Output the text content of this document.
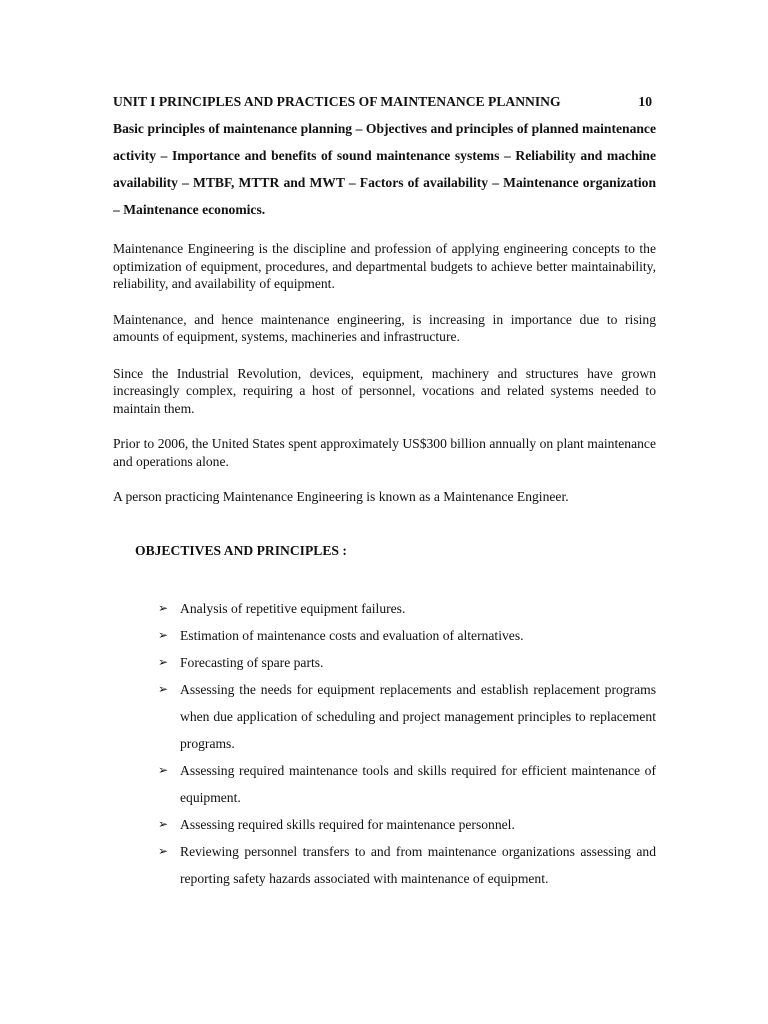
UNIT I PRINCIPLES AND PRACTICES OF MAINTENANCE PLANNING	10

Basic principles of maintenance planning – Objectives and principles of planned maintenance activity – Importance and benefits of sound maintenance systems – Reliability and machine availability – MTBF, MTTR and MWT – Factors of availability – Maintenance organization – Maintenance economics.

Maintenance Engineering is the discipline and profession of applying engineering concepts to the optimization of equipment, procedures, and departmental budgets to achieve better maintainability, reliability, and availability of equipment.

Maintenance, and hence maintenance engineering, is increasing in importance due to rising amounts of equipment, systems, machineries and infrastructure.

Since the Industrial Revolution, devices, equipment, machinery and structures have grown increasingly complex, requiring a host of personnel, vocations and related systems needed to maintain them.

Prior to 2006, the United States spent approximately US$300 billion annually on plant maintenance and operations alone.

A person practicing Maintenance Engineering is known as a Maintenance Engineer.

OBJECTIVES AND PRINCIPLES :
➢ Analysis of repetitive equipment failures.
➢ Estimation of maintenance costs and evaluation of alternatives.
➢ Forecasting of spare parts.
➢ Assessing the needs for equipment replacements and establish replacement programs when due application of scheduling and project management principles to replacement programs.
➢ Assessing required maintenance tools and skills required for efficient maintenance of equipment.
➢ Assessing required skills required for maintenance personnel.
➢ Reviewing personnel transfers to and from maintenance organizations assessing and reporting safety hazards associated with maintenance of equipment.
